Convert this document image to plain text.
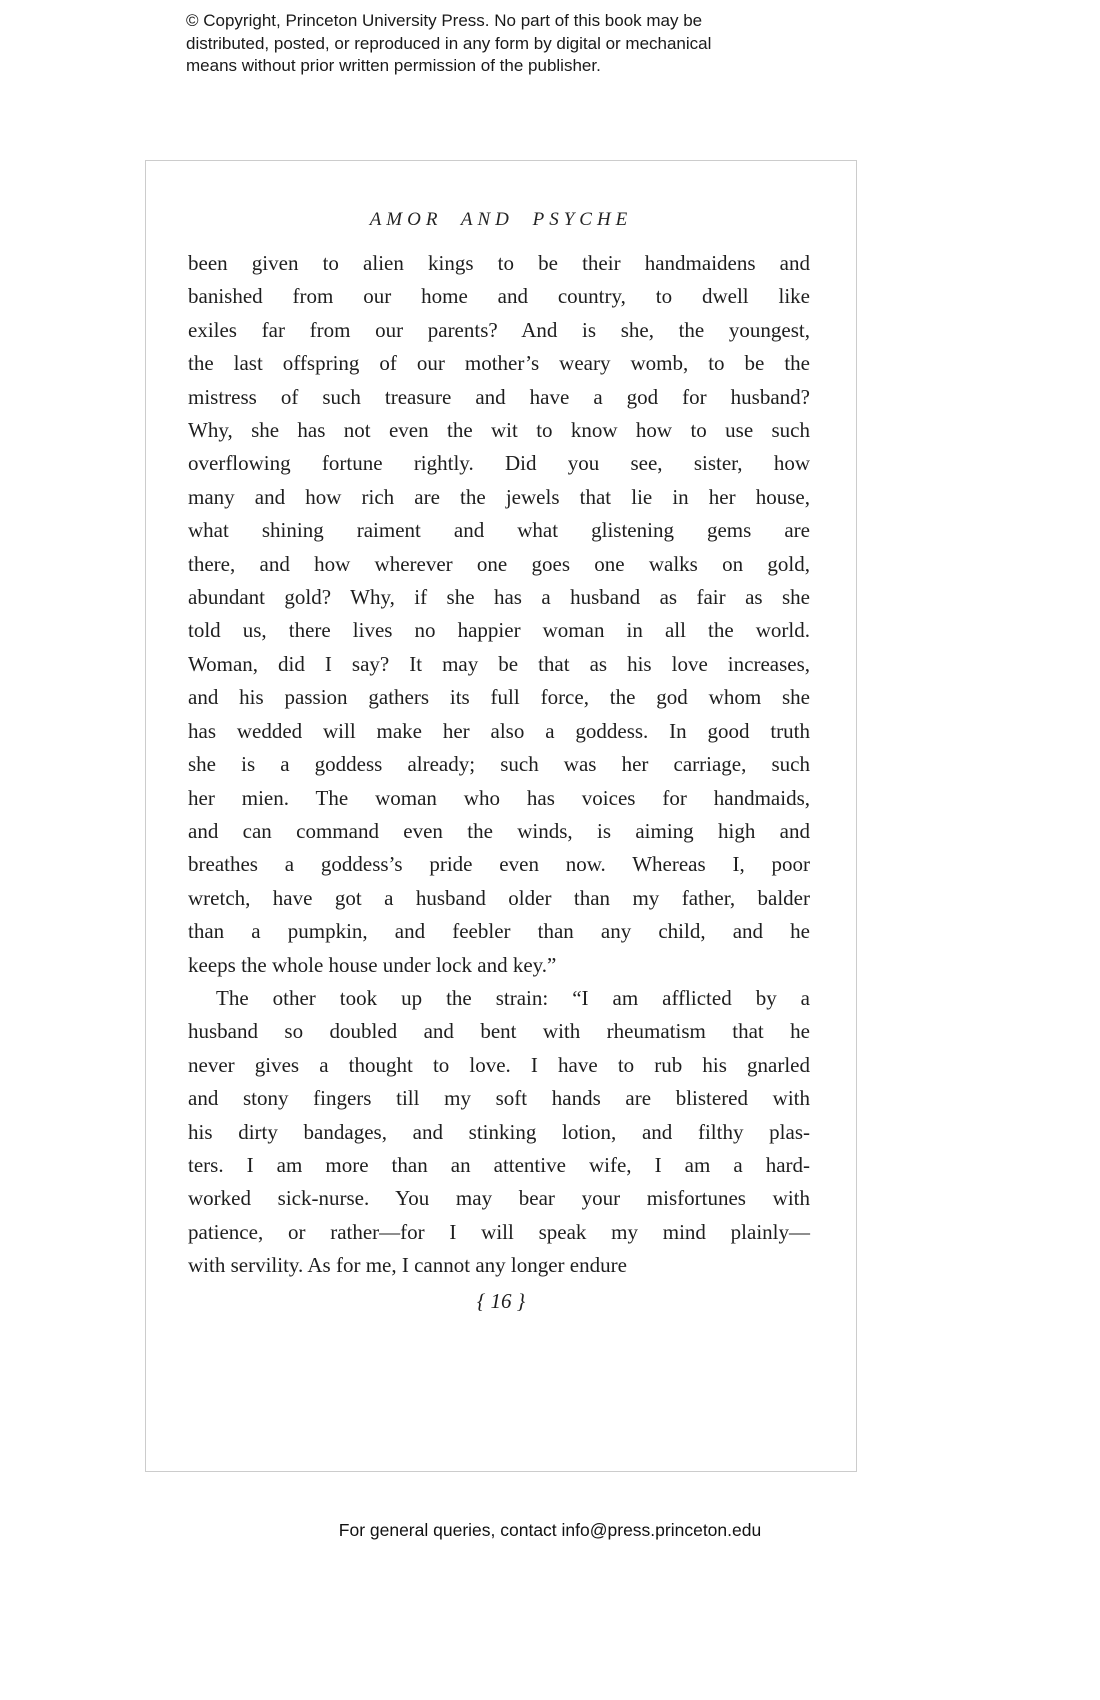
© Copyright, Princeton University Press. No part of this book may be
distributed, posted, or reproduced in any form by digital or mechanical
means without prior written permission of the publisher.
AMOR AND PSYCHE
been given to alien kings to be their handmaidens and
banished from our home and country, to dwell like
exiles far from our parents? And is she, the youngest,
the last offspring of our mother’s weary womb, to be the
mistress of such treasure and have a god for husband?
Why, she has not even the wit to know how to use such
overflowing fortune rightly. Did you see, sister, how
many and how rich are the jewels that lie in her house,
what shining raiment and what glistening gems are
there, and how wherever one goes one walks on gold,
abundant gold? Why, if she has a husband as fair as she
told us, there lives no happier woman in all the world.
Woman, did I say? It may be that as his love increases,
and his passion gathers its full force, the god whom she
has wedded will make her also a goddess. In good truth
she is a goddess already; such was her carriage, such
her mien. The woman who has voices for handmaids,
and can command even the winds, is aiming high and
breathes a goddess’s pride even now. Whereas I, poor
wretch, have got a husband older than my father, balder
than a pumpkin, and feebler than any child, and he
keeps the whole house under lock and key.”
The other took up the strain: “I am afflicted by a
husband so doubled and bent with rheumatism that he
never gives a thought to love. I have to rub his gnarled
and stony fingers till my soft hands are blistered with
his dirty bandages, and stinking lotion, and filthy plas-
ters. I am more than an attentive wife, I am a hard-
worked sick-nurse. You may bear your misfortunes with
patience, or rather—for I will speak my mind plainly—
with servility. As for me, I cannot any longer endure
{ 16 }
For general queries, contact info@press.princeton.edu
